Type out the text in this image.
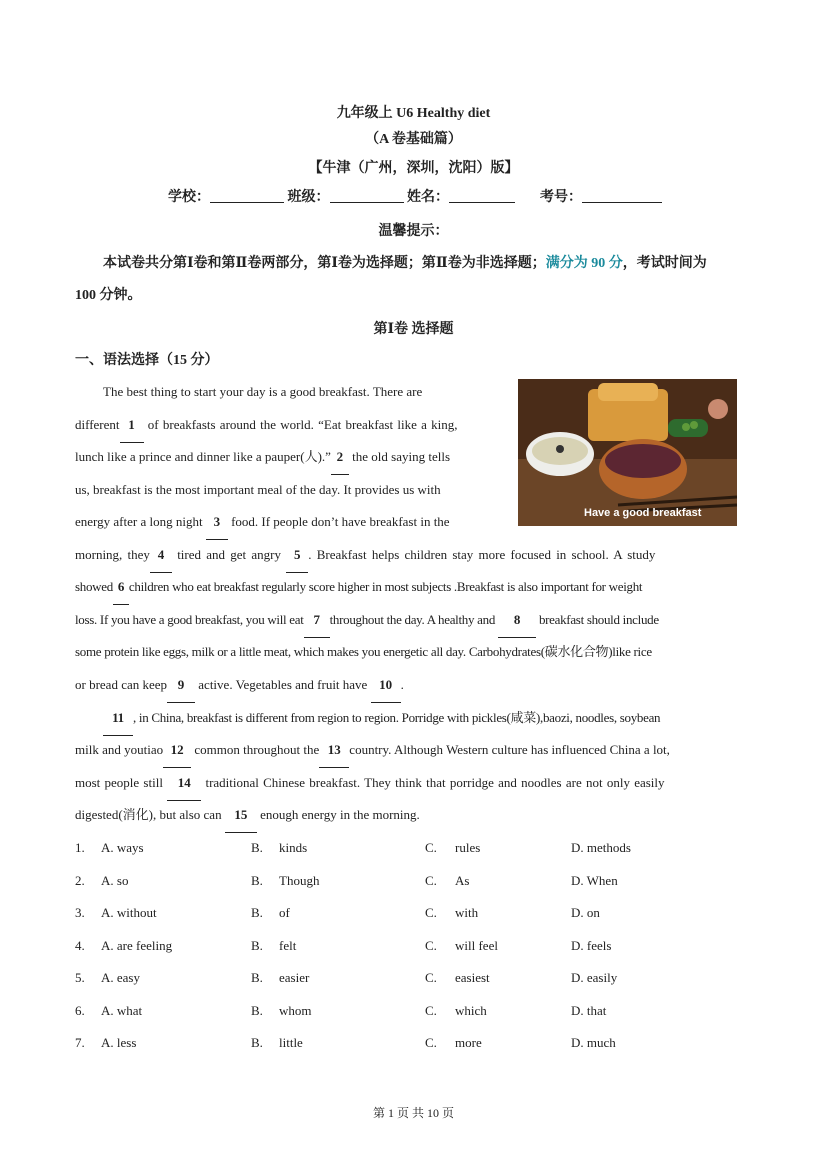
九年级上 U6 Healthy diet
（A 卷基础篇）
【牛津（广州，深圳，沈阳）版】
学校：	班级：	姓名：	考号：
温馨提示：
本试卷共分第Ⅰ卷和第Ⅱ卷两部分，第Ⅰ卷为选择题；第Ⅱ卷为非选择题；满分为 90 分，考试时间为
100 分钟。
第Ⅰ卷 选择题
一、语法选择（15 分）
Have a good breakfast
The best thing to start your day is a good breakfast. There are
different 1 of breakfasts around the world. “Eat breakfast like a king,
lunch like a prince and dinner like a pauper(人).” 2 the old saying tells
us, breakfast is the most important meal of the day. It provides us with
energy after a long night 3 food. If people don’t have breakfast in the
morning, they 4 tired and get angry 5 . Breakfast helps children stay more focused in school. A study
showed 6 children who eat breakfast regularly score higher in most subjects .Breakfast is also important for weight
loss. If you have a good breakfast, you will eat 7 throughout the day. A healthy and 8 breakfast should include
some protein like eggs, milk or a little meat, which makes you energetic all day. Carbohydrates(碳水化合物)like rice
or bread can keep 9 active. Vegetables and fruit have 10 .
11 , in China, breakfast is different from region to region. Porridge with pickles(咸菜),baozi, noodles, soybean
milk and youtiao 12 common throughout the 13 country. Although Western culture has influenced China a lot,
most people still 14 traditional Chinese breakfast. They think that porridge and noodles are not only easily
digested(消化), but also can 15 enough energy in the morning.
1. A. ways	B. kinds	C. rules	D. methods
2. A. so	B. Though	C. As	D. When
3. A. without	B. of	C. with	D. on
4. A. are feeling	B. felt	C. will feel	D. feels
5. A. easy	B. easier	C. easiest	D. easily
6. A. what	B. whom	C. which	D. that
7. A. less	B. little	C. more	D. much
第 1 页 共 10 页
